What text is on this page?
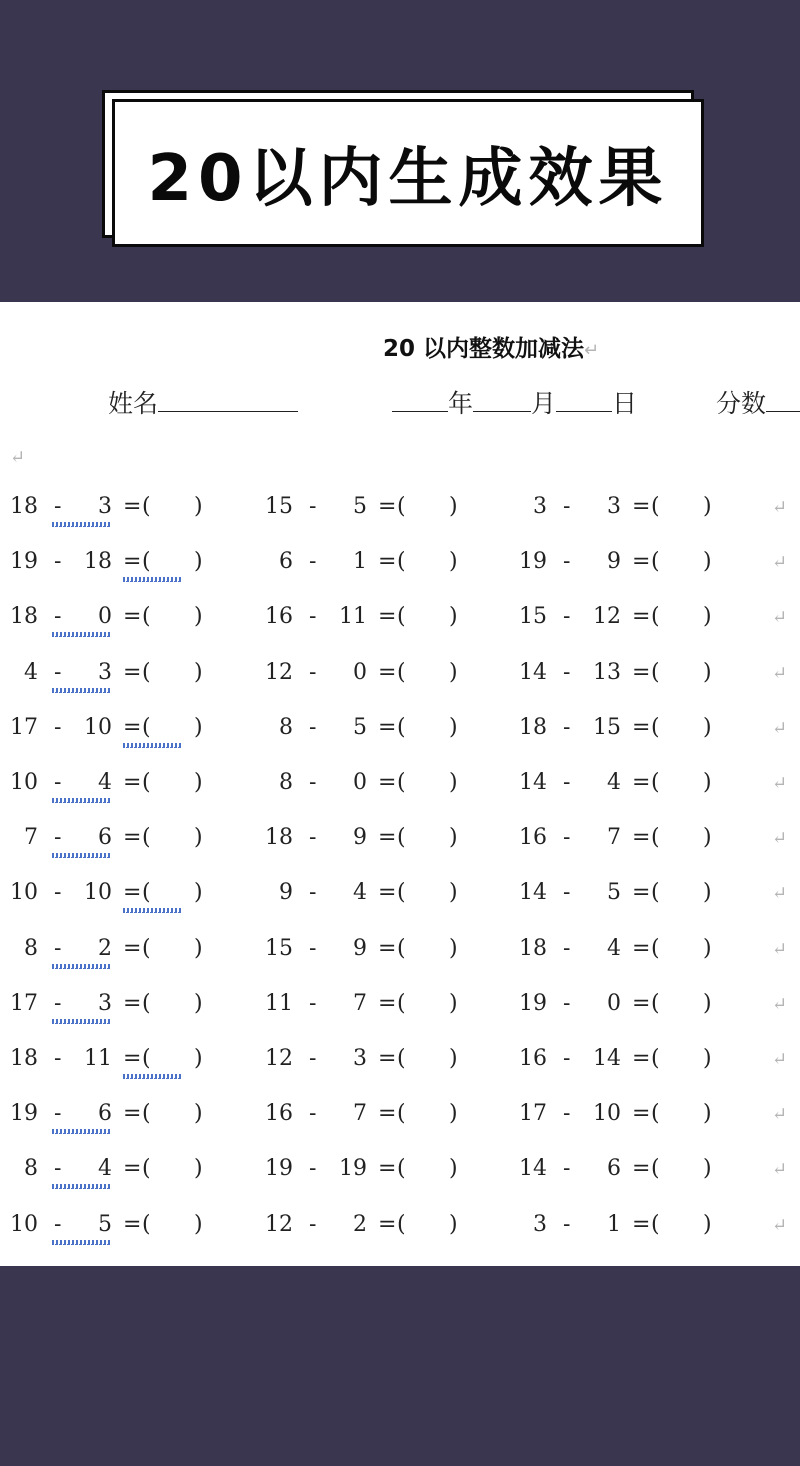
20以内生成效果
20 以内整数加减法↵
姓名	年 月 日	分数
↵
18 -	3 = ( )	15 -	5 = ( )	3 -	3 = ( )	↵
19 - 18 = ( )	6 -	1 = ( )	19 -	9 = ( )	↵
18 -	0 = ( )	16 - 11 = ( )	15 - 12 = ( )	↵
4 -	3 = ( )	12 -	0 = ( )	14 - 13 = ( )	↵
17 - 10 = ( )	8 -	5 = ( )	18 - 15 = ( )	↵
10 -	4 = ( )	8 -	0 = ( )	14 -	4 = ( )	↵
7 -	6 = ( )	18 -	9 = ( )	16 -	7 = ( )	↵
10 - 10 = ( )	9 -	4 = ( )	14 -	5 = ( )	↵
8 -	2 = ( )	15 -	9 = ( )	18 -	4 = ( )	↵
17 -	3 = ( )	11 -	7 = ( )	19 -	0 = ( )	↵
18 - 11 = ( )	12 -	3 = ( )	16 - 14 = ( )	↵
19 -	6 = ( )	16 -	7 = ( )	17 - 10 = ( )	↵
8 -	4 = ( )	19 - 19 = ( )	14 -	6 = ( )	↵
10 -	5 = ( )	12 -	2 = ( )	3 -	1 = ( )	↵
